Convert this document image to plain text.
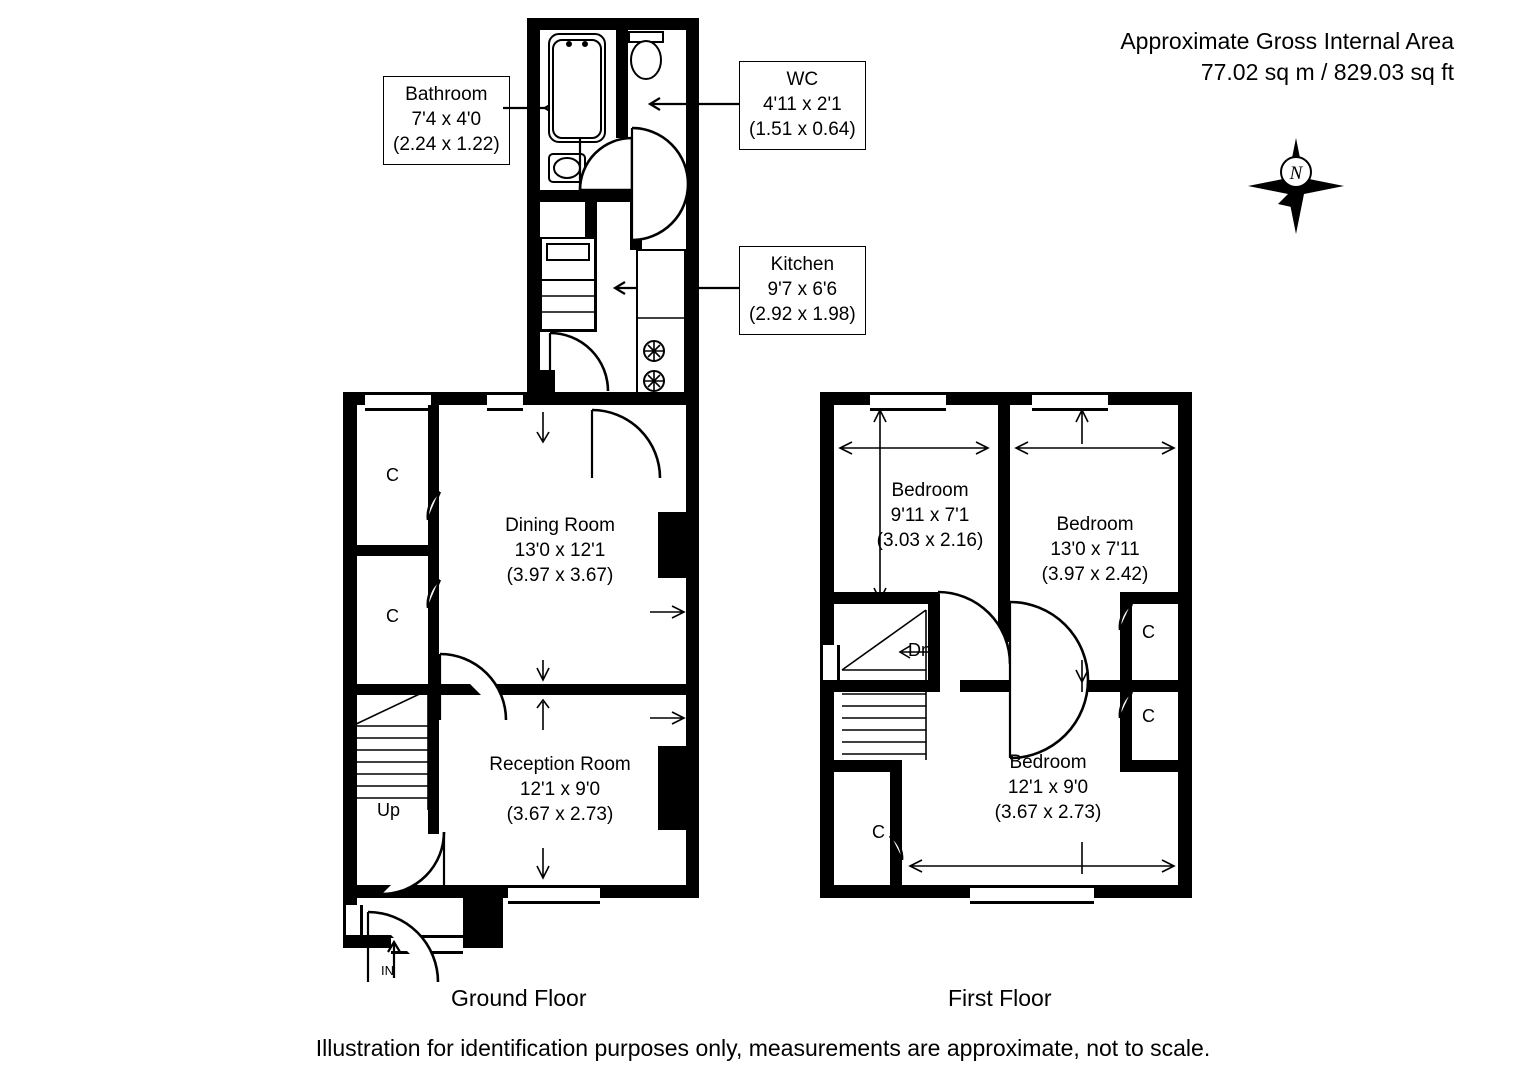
Approximate Gross Internal Area
77.02 sq m / 829.03 sq ft
N
Bathroom
7'4 x 4'0
(2.24 x 1.22)
WC
4'11 x 2'1
(1.51 x 0.64)
Kitchen
9'7 x 6'6
(2.92 x 1.98)
Dining Room
13'0 x 12'1
(3.97 x 3.67)
Reception Room
12'1 x 9'0
(3.67 x 2.73)
C
C
Up
IN
Ground Floor
Bedroom
9'11 x 7'1
(3.03 x 2.16)
Bedroom
13'0 x 7'11
(3.97 x 2.42)
Bedroom
12'1 x 9'0
(3.67 x 2.73)
C
C
C
Dn
First Floor
Illustration for identification purposes only, measurements are approximate, not to scale.
